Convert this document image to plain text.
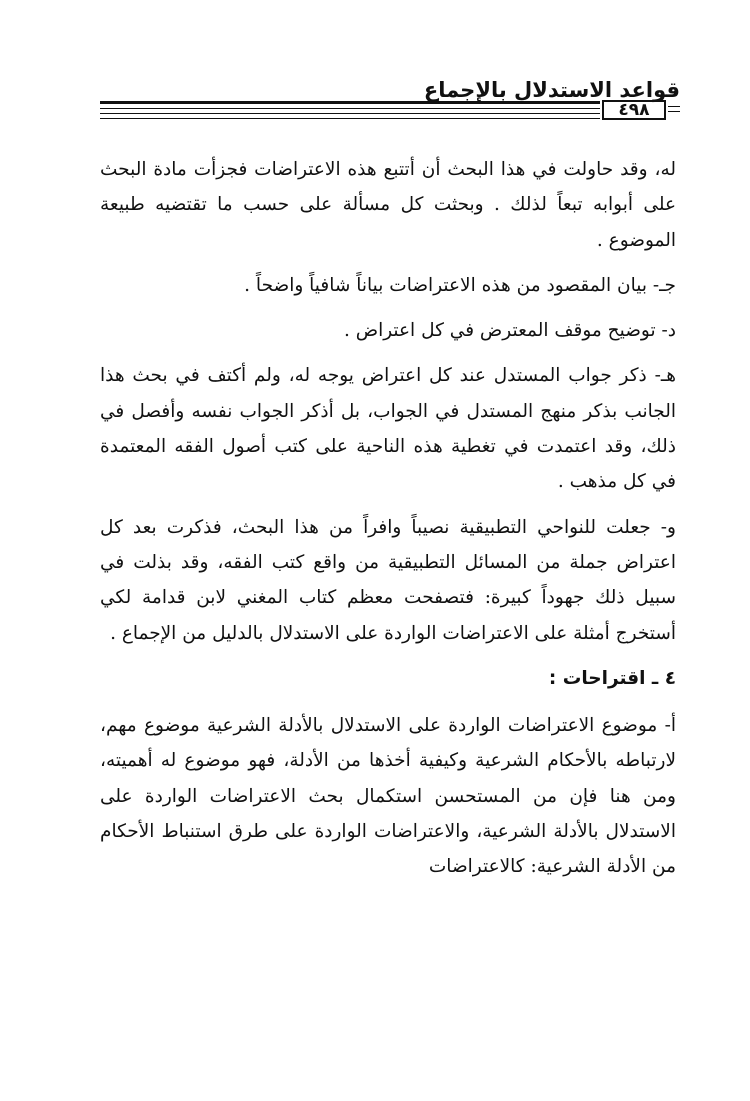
قواعد الاستدلال بالإجماع
٤٩٨

له، وقد حاولت في هذا البحث أن أتتبع هذه الاعتراضات فجزأت مادة البحث على أبوابه تبعاً لذلك . وبحثت كل مسألة على حسب ما تقتضيه طبيعة الموضوع .

جـ- بيان المقصود من هذه الاعتراضات بياناً شافياً واضحاً .

د- توضيح موقف المعترض في كل اعتراض .

هـ- ذكر جواب المستدل عند كل اعتراض يوجه له، ولم أكتف في بحث هذا الجانب بذكر منهج المستدل في الجواب، بل أذكر الجواب نفسه وأفصل في ذلك، وقد اعتمدت في تغطية هذه الناحية على كتب أصول الفقه المعتمدة في كل مذهب .

و- جعلت للنواحي التطبيقية نصيباً وافراً من هذا البحث، فذكرت بعد كل اعتراض جملة من المسائل التطبيقية من واقع كتب الفقه، وقد بذلت في سبيل ذلك جهوداً كبيرة: فتصفحت معظم كتاب المغني لابن قدامة لكي أستخرج أمثلة على الاعتراضات الواردة على الاستدلال بالدليل من الإجماع .

٤ ـ اقتراحات :

أ- موضوع الاعتراضات الواردة على الاستدلال بالأدلة الشرعية موضوع مهم، لارتباطه بالأحكام الشرعية وكيفية أخذها من الأدلة، فهو موضوع له أهميته، ومن هنا فإن من المستحسن استكمال بحث الاعتراضات الواردة على الاستدلال بالأدلة الشرعية، والاعتراضات الواردة على طرق استنباط الأحكام من الأدلة الشرعية: كالاعتراضات
